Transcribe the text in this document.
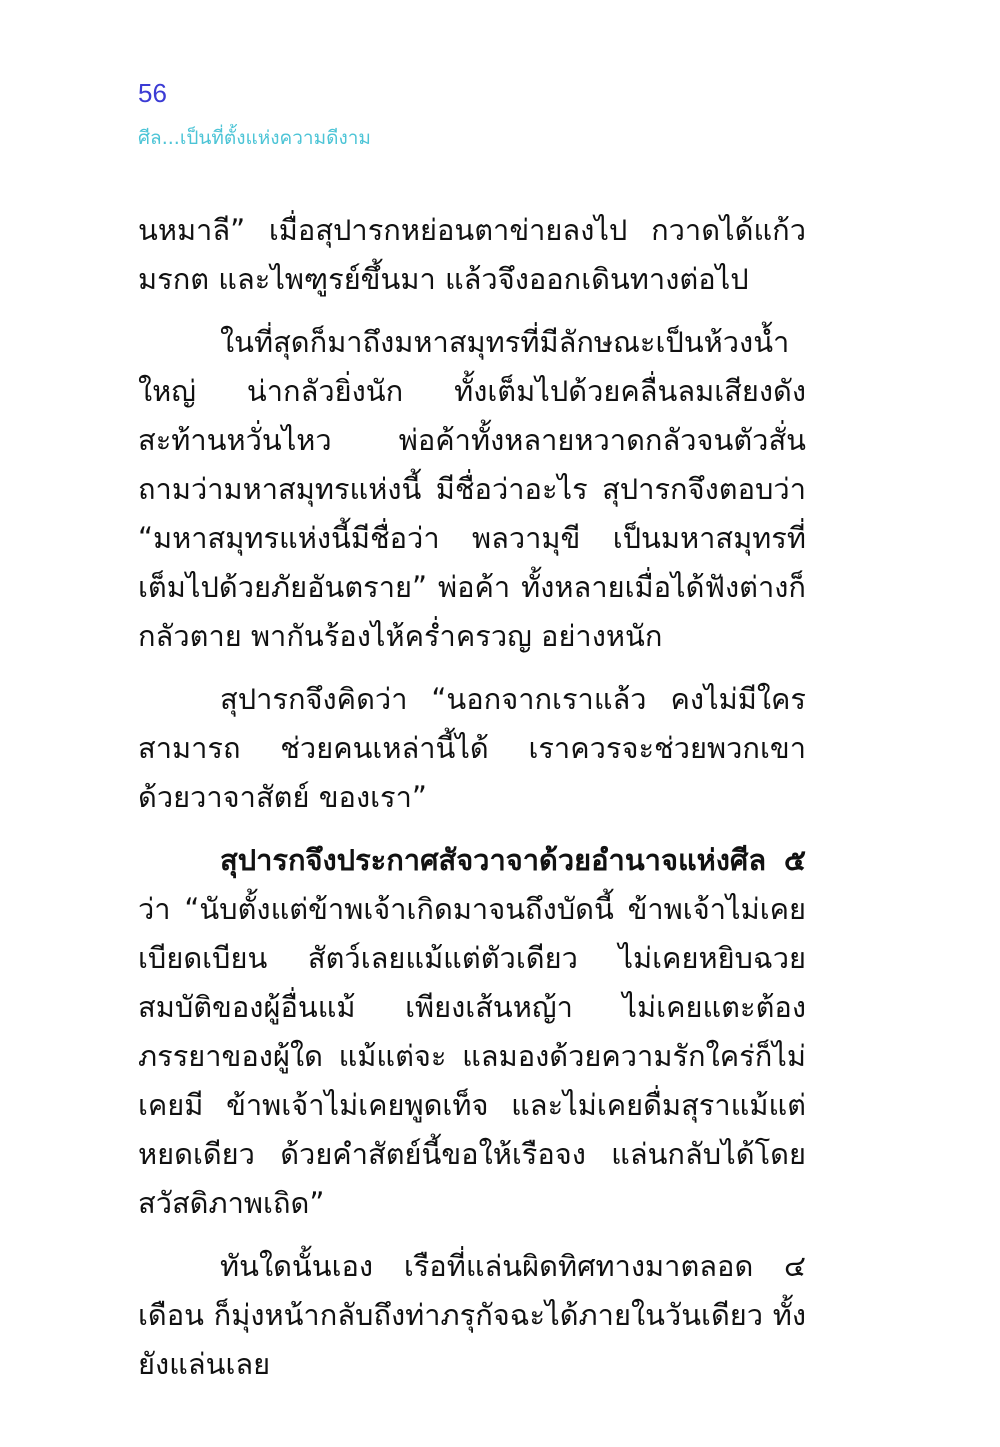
56
ศีล...เป็นที่ตั้งแห่งความดีงาม

นหมาลี” เมื่อสุปารกหย่อนตาข่ายลงไป กวาดได้แก้วมรกต และไพฑูรย์ขึ้นมา แล้วจึงออกเดินทางต่อไป

ในที่สุดก็มาถึงมหาสมุทรที่มีลักษณะเป็นห้วงน้ำใหญ่ น่ากลัวยิ่งนัก ทั้งเต็มไปด้วยคลื่นลมเสียงดังสะท้านหวั่นไหว พ่อค้าทั้งหลายหวาดกลัวจนตัวสั่น ถามว่ามหาสมุทรแห่งนี้ มีชื่อว่าอะไร สุปารกจึงตอบว่า “มหาสมุทรแห่งนี้มีชื่อว่า พลวามุขี เป็นมหาสมุทรที่เต็มไปด้วยภัยอันตราย” พ่อค้า ทั้งหลายเมื่อได้ฟังต่างก็กลัวตาย พากันร้องไห้คร่ำครวญ อย่างหนัก

สุปารกจึงคิดว่า “นอกจากเราแล้ว คงไม่มีใครสามารถ ช่วยคนเหล่านี้ได้ เราควรจะช่วยพวกเขา ด้วยวาจาสัตย์ ของเรา”

สุปารกจึงประกาศสัจวาจาด้วยอำนาจแห่งศีล ๕ ว่า “นับตั้งแต่ข้าพเจ้าเกิดมาจนถึงบัดนี้ ข้าพเจ้าไม่เคยเบียดเบียน สัตว์เลยแม้แต่ตัวเดียว ไม่เคยหยิบฉวยสมบัติของผู้อื่นแม้ เพียงเส้นหญ้า ไม่เคยแตะต้องภรรยาของผู้ใด แม้แต่จะ แลมองด้วยความรักใคร่ก็ไม่เคยมี ข้าพเจ้าไม่เคยพูดเท็จ และไม่เคยดื่มสุราแม้แต่หยดเดียว ด้วยคำสัตย์นี้ขอให้เรือจง แล่นกลับได้โดยสวัสดิภาพเถิด”

ทันใดนั้นเอง เรือที่แล่นผิดทิศทางมาตลอด ๔ เดือน ก็มุ่งหน้ากลับถึงท่าภรุกัจฉะได้ภายในวันเดียว ทั้งยังแล่นเลย
